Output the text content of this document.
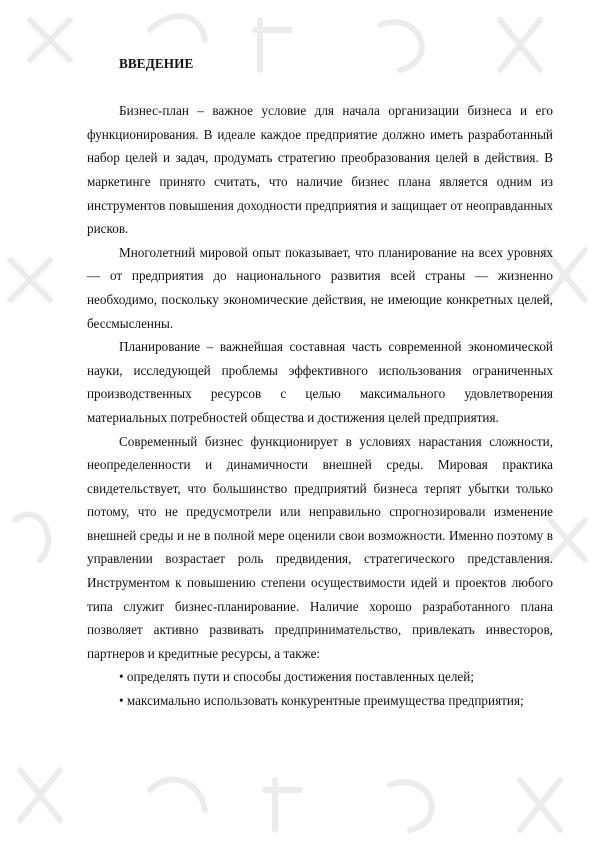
ВВЕДЕНИЕ

Бизнес-план – важное условие для начала организации бизнеса и его функционирования. В идеале каждое предприятие должно иметь разработанный набор целей и задач, продумать стратегию преобразования целей в действия. В маркетинге принято считать, что наличие бизнес плана является одним из инструментов повышения доходности предприятия и защищает от неоправданных рисков.

Многолетний мировой опыт показывает, что планирование на всех уровнях — от предприятия до национального развития всей страны — жизненно необходимо, поскольку экономические действия, не имеющие конкретных целей, бессмысленны.

Планирование – важнейшая составная часть современной экономической науки, исследующей проблемы эффективного использования ограниченных производственных ресурсов с целью максимального удовлетворения материальных потребностей общества и достижения целей предприятия.

Современный бизнес функционирует в условиях нарастания сложности, неопределенности и динамичности внешней среды. Мировая практика свидетельствует, что большинство предприятий бизнеса терпят убытки только потому, что не предусмотрели или неправильно спрогнозировали изменение внешней среды и не в полной мере оценили свои возможности. Именно поэтому в управлении возрастает роль предвидения, стратегического представления. Инструментом к повышению степени осуществимости идей и проектов любого типа служит бизнес-планирование. Наличие хорошо разработанного плана позволяет активно развивать предпринимательство, привлекать инвесторов, партнеров и кредитные ресурсы, а также:

• определять пути и способы достижения поставленных целей;
• максимально использовать конкурентные преимущества предприятия;
